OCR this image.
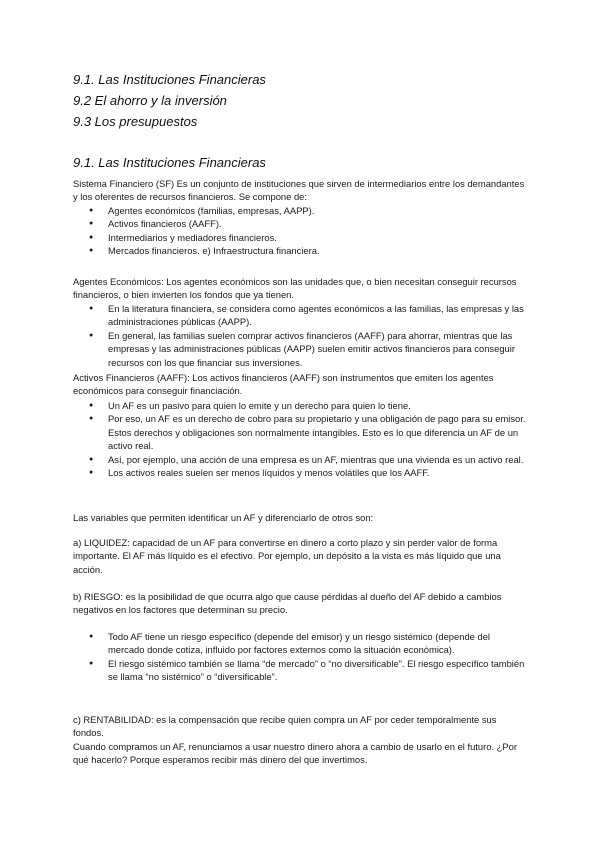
9.1. Las Instituciones Financieras
9.2 El ahorro y la inversión
9.3 Los presupuestos
9.1. Las Instituciones Financieras

Sistema Financiero (SF) Es un conjunto de instituciones que sirven de intermediarios entre los demandantes y los oferentes de recursos financieros. Se compone de:

● Agentes económicos (familias, empresas, AAPP).
● Activos financieros (AAFF).
● Intermediarios y mediadores financieros.
● Mercados financieros. e) Infraestructura financiera.

Agentes Económicos: Los agentes económicos son las unidades que, o bien necesitan conseguir recursos financieros, o bien invierten los fondos que ya tienen.

● En la literatura financiera, se considera como agentes económicos a las familias, las empresas y las administraciones públicas (AAPP).
● En general, las familias suelen comprar activos financieros (AAFF) para ahorrar, mientras que las empresas y las administraciones públicas (AAPP) suelen emitir activos financieros para conseguir recursos con los que financiar sus inversiones.

Activos Financieros (AAFF): Los activos financieros (AAFF) son instrumentos que emiten los agentes económicos para conseguir financiación.

● Un AF es un pasivo para quien lo emite y un derecho para quien lo tiene.
● Por eso, un AF es un derecho de cobro para su propietario y una obligación de pago para su emisor. Estos derechos y obligaciones son normalmente intangibles. Esto es lo que diferencia un AF de un activo real.
● Así, por ejemplo, una acción de una empresa es un AF, mientras que una vivienda es un activo real.
● Los activos reales suelen ser menos líquidos y menos volátiles que los AAFF.

Las variables que permiten identificar un AF y diferenciarlo de otros son:

a) LIQUIDEZ: capacidad de un AF para convertirse en dinero a corto plazo y sin perder valor de forma importante. El AF más líquido es el efectivo. Por ejemplo, un depósito a la vista es más líquido que una acción.

b) RIESGO: es la posibilidad de que ocurra algo que cause pérdidas al dueño del AF debido a cambios negativos en los factores que determinan su precio.

● Todo AF tiene un riesgo específico (depende del emisor) y un riesgo sistémico (depende del mercado donde cotiza, influido por factores externos como la situación económica).
● El riesgo sistémico también se llama “de mercado” o “no diversificable”. El riesgo específico también se llama “no sistémico” o “diversificable”.

c) RENTABILIDAD: es la compensación que recibe quien compra un AF por ceder temporalmente sus fondos.

Cuando compramos un AF, renunciamos a usar nuestro dinero ahora a cambio de usarlo en el futuro. ¿Por qué hacerlo? Porque esperamos recibir más dinero del que invertimos.
